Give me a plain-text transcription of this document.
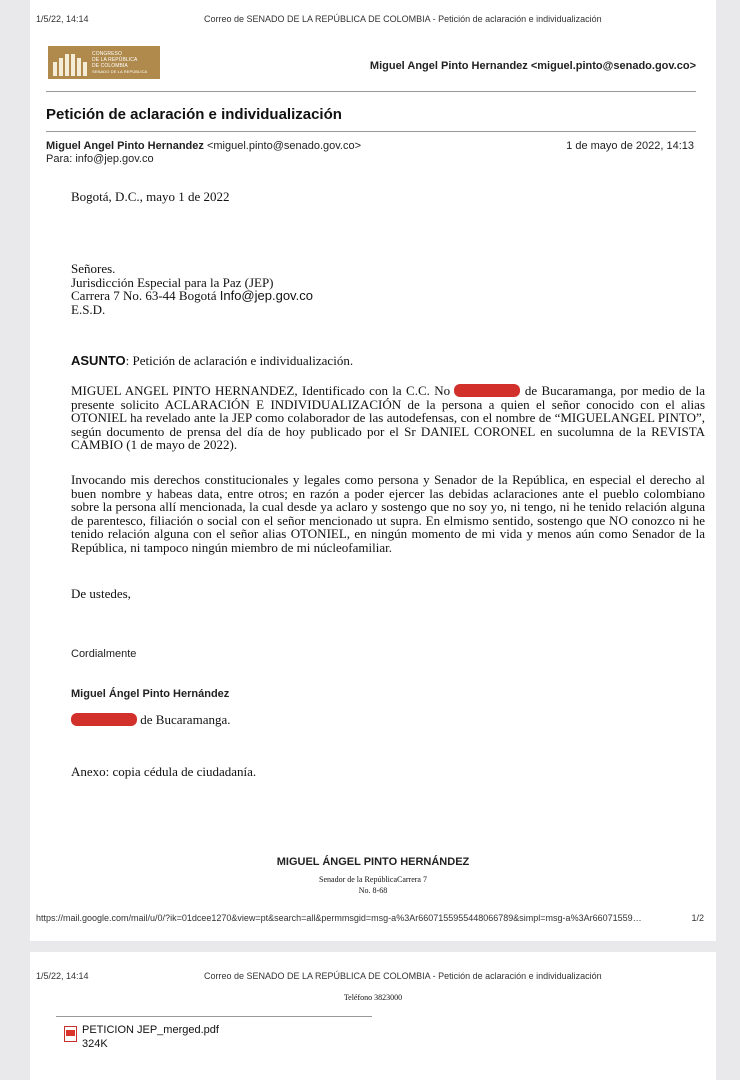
1/5/22, 14:14	Correo de SENADO DE LA REPÚBLICA DE COLOMBIA - Petición de aclaración e individualización
CONGRESO
DE LA REPÚBLICA
DE COLOMBIA
SENADO DE LA REPÚBLICA	Miguel Angel Pinto Hernandez <miguel.pinto@senado.gov.co>
Petición de aclaración e individualización
Miguel Angel Pinto Hernandez <miguel.pinto@senado.gov.co>	1 de mayo de 2022, 14:13
Para: info@jep.gov.co
Bogotá, D.C., mayo 1 de 2022
Señores.
Jurisdicción Especial para la Paz (JEP)
Carrera 7 No. 63-44 Bogotá Info@jep.gov.co
E.S.D.
ASUNTO: Petición de aclaración e individualización.
MIGUEL ANGEL PINTO HERNANDEZ, Identificado con la C.C. No	de Bucaramanga, por medio de la presente solicito ACLARACIÓN E INDIVIDUALIZACIÓN de la persona a quien el señor conocido con el alias OTONIEL ha revelado ante la JEP como colaborador de las autodefensas, con el nombre de “MIGUELANGEL PINTO”, según documento de prensa del día de hoy publicado por el Sr DANIEL CORONEL en sucolumna de la REVISTA CAMBIO (1 de mayo de 2022).
Invocando mis derechos constitucionales y legales como persona y Senador de la República, en especial el derecho al buen nombre y habeas data, entre otros; en razón a poder ejercer las debidas aclaraciones ante el pueblo colombiano sobre la persona allí mencionada, la cual desde ya aclaro y sostengo que no soy yo, ni tengo, ni he tenido relación alguna de parentesco, filiación o social con el señor mencionado ut supra. En elmismo sentido, sostengo que NO conozco ni he tenido relación alguna con el señor alias OTONIEL, en ningún momento de mi vida y menos aún como Senador de la República, ni tampoco ningún miembro de mi núcleofamiliar.
De ustedes,
Cordialmente
Miguel Ángel Pinto Hernández
de Bucaramanga.
Anexo: copia cédula de ciudadanía.
MIGUEL ÁNGEL PINTO HERNÁNDEZ
Senador de la RepúblicaCarrera 7
No. 8-68
https://mail.google.com/mail/u/0/?ik=01dcee1270&view=pt&search=all&permmsgid=msg-a%3Ar6607155955448066789&simpl=msg-a%3Ar66071559…	1/2
1/5/22, 14:14	Correo de SENADO DE LA REPÚBLICA DE COLOMBIA - Petición de aclaración e individualización
Teléfono 3823000
PETICION JEP_merged.pdf
324K
